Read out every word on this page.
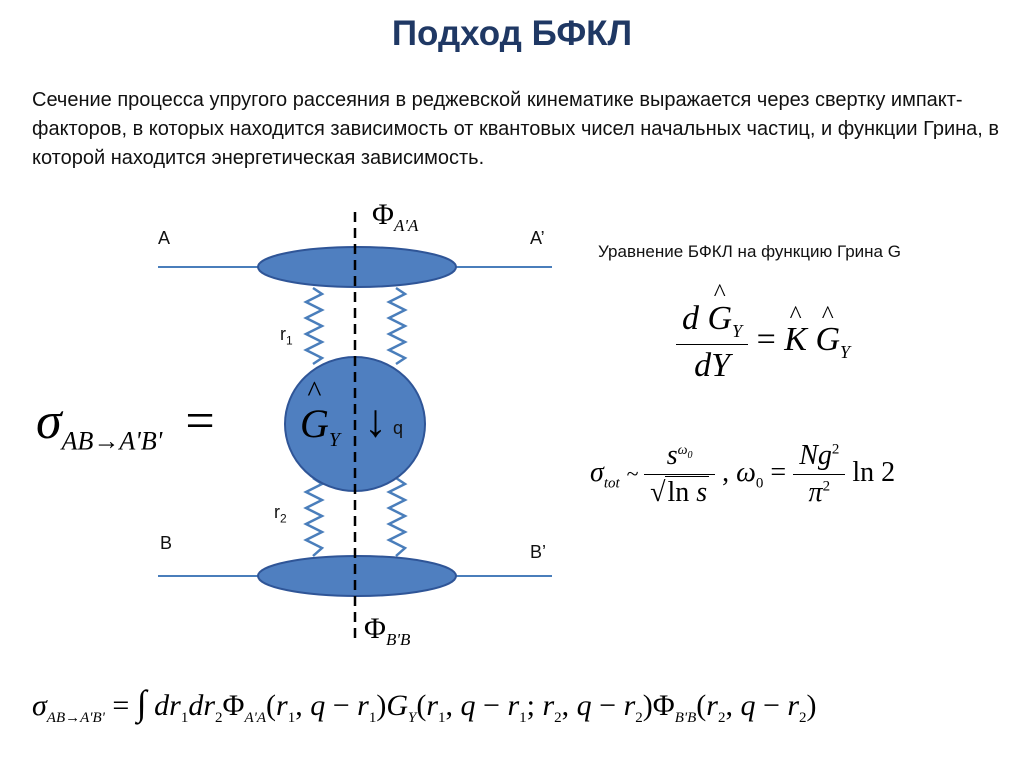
Подход БФКЛ
Сечение процесса упругого рассеяния в реджевской кинематике выражается через свертку импакт-факторов, в которых находится зависимость от квантовых чисел начальных частиц, и функции Грина, в которой находится энергетическая зависимость.
A	A’
B	B’
$r_1$
$r_2$
q
$\Phi_{A'A}$
$\Phi_{B'B}$
$\sigma_{AB\to A'B'}$ = ^ $G_Y$ ↓
Уравнение БФКЛ на функцию Грина G
$\frac{d \^{} G_Y}{dY}$ = ^ K ^ $G_Y$
$\sigma_{tot}$ ~ $\frac{s^{\omega_0}}{\text{√ln s}}$ , $\omega_0 = \frac{Ng^2}{\pi^2}$ ln 2
$\sigma_{AB\to A'B'}$ = ∫ $dr_1dr_2\Phi_{A'A}(r_1$, $q - r_1)G_Y(r_1$, $q - r_1$; $r_2$, $q - r_2)\Phi_{B'B}(r_2$, $q - r_2$)
